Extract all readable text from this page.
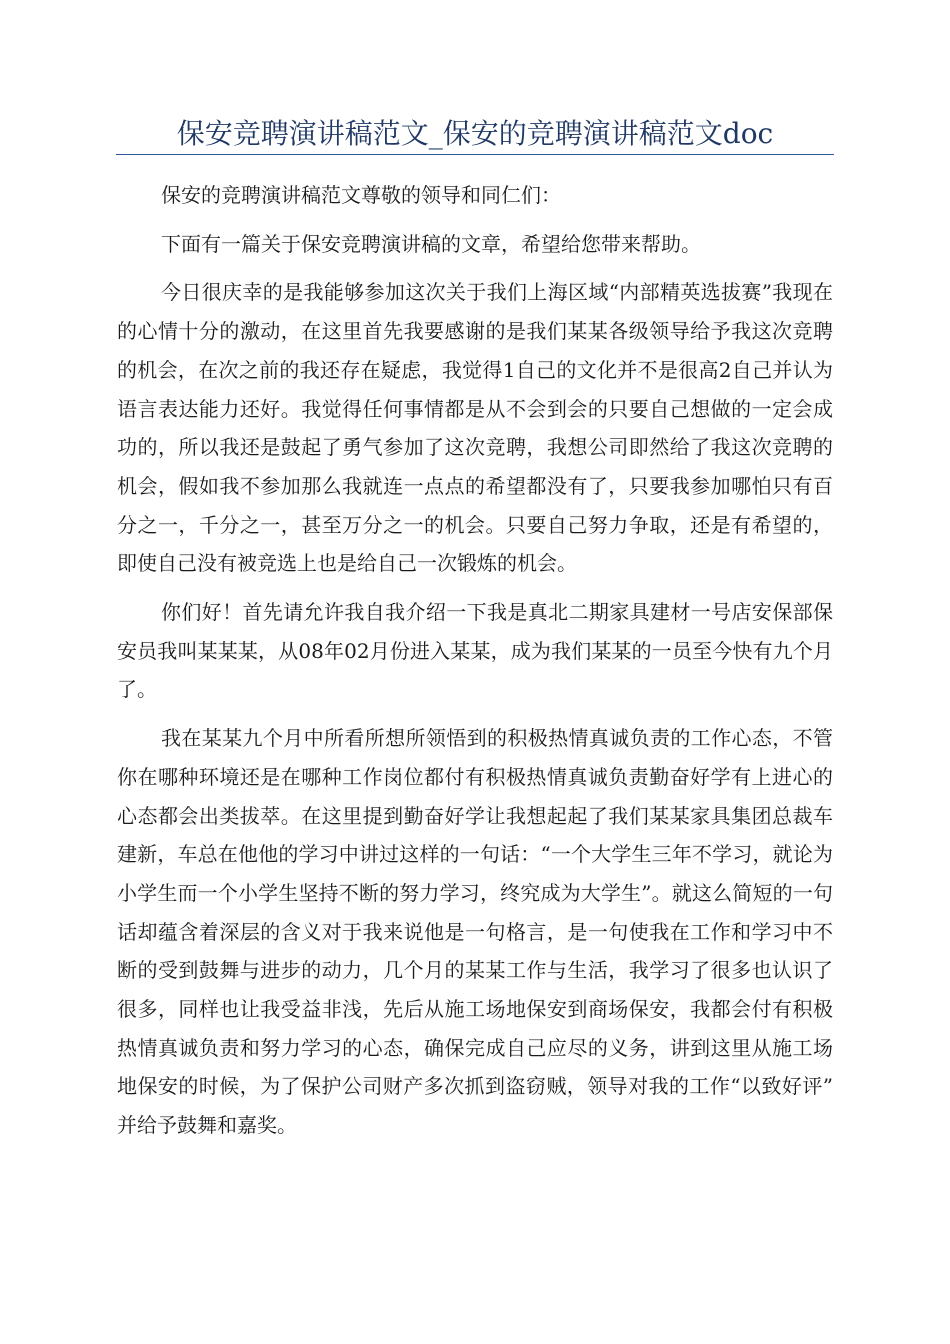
保安竞聘演讲稿范文_保安的竞聘演讲稿范文doc

保安的竞聘演讲稿范文尊敬的领导和同仁们：

下面有一篇关于保安竞聘演讲稿的文章，希望给您带来帮助。

今日很庆幸的是我能够参加这次关于我们上海区域“内部精英选拔赛”我现在的心情十分的激动，在这里首先我要感谢的是我们某某各级领导给予我这次竞聘的机会，在次之前的我还存在疑虑，我觉得1自己的文化并不是很高2自己并认为语言表达能力还好。我觉得任何事情都是从不会到会的只要自己想做的一定会成功的，所以我还是鼓起了勇气参加了这次竞聘，我想公司即然给了我这次竞聘的机会，假如我不参加那么我就连一点点的希望都没有了，只要我参加哪怕只有百分之一，千分之一，甚至万分之一的机会。只要自己努力争取，还是有希望的，即使自己没有被竞选上也是给自己一次锻炼的机会。

你们好！首先请允许我自我介绍一下我是真北二期家具建材一号店安保部保安员我叫某某某，从08年02月份进入某某，成为我们某某的一员至今快有九个月了。

我在某某九个月中所看所想所领悟到的积极热情真诚负责的工作心态，不管你在哪种环境还是在哪种工作岗位都付有积极热情真诚负责勤奋好学有上进心的心态都会出类拔萃。在这里提到勤奋好学让我想起起了我们某某家具集团总裁车建新，车总在他他的学习中讲过这样的一句话：“一个大学生三年不学习，就论为小学生而一个小学生坚持不断的努力学习，终究成为大学生”。就这么简短的一句话却蕴含着深层的含义对于我来说他是一句格言，是一句使我在工作和学习中不断的受到鼓舞与进步的动力，几个月的某某工作与生活，我学习了很多也认识了很多，同样也让我受益非浅，先后从施工场地保安到商场保安，我都会付有积极热情真诚负责和努力学习的心态，确保完成自己应尽的义务，讲到这里从施工场地保安的时候，为了保护公司财产多次抓到盗窃贼，领导对我的工作“以致好评”并给予鼓舞和嘉奖。
